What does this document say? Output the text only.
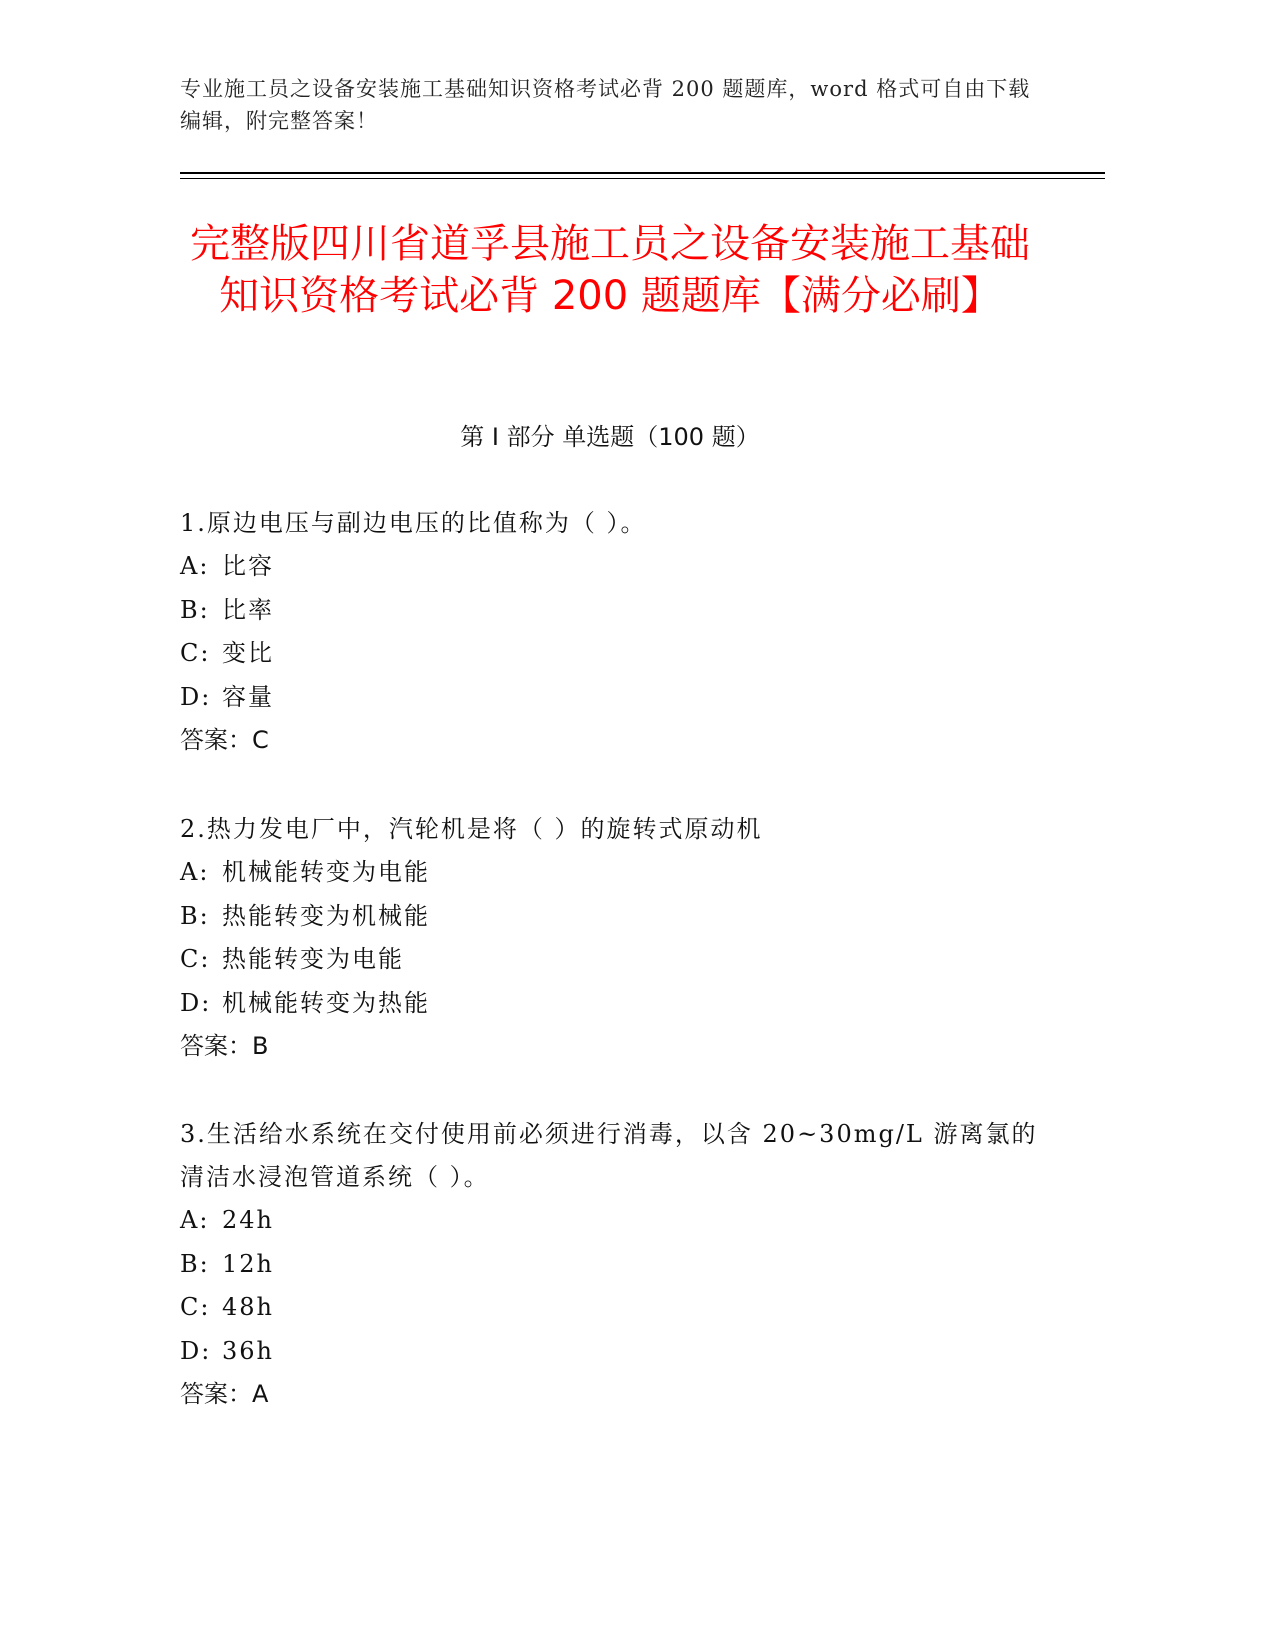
专业施工员之设备安装施工基础知识资格考试必背 200 题题库，word 格式可自由下载编辑，附完整答案！
完整版四川省道孚县施工员之设备安装施工基础知识资格考试必背 200 题题库【满分必刷】
第 I 部分 单选题（100 题）

1.原边电压与副边电压的比值称为（ ）。

A: 比容

B: 比率

C: 变比

D: 容量

答案：C

2.热力发电厂中，汽轮机是将（ ）的旋转式原动机

A: 机械能转变为电能

B: 热能转变为机械能

C: 热能转变为电能

D: 机械能转变为热能

答案：B

3.生活给水系统在交付使用前必须进行消毒，以含 20~30mg/L 游离氯的清洁水浸泡管道系统（ ）。

A: 24h

B: 12h

C: 48h

D: 36h

答案：A
